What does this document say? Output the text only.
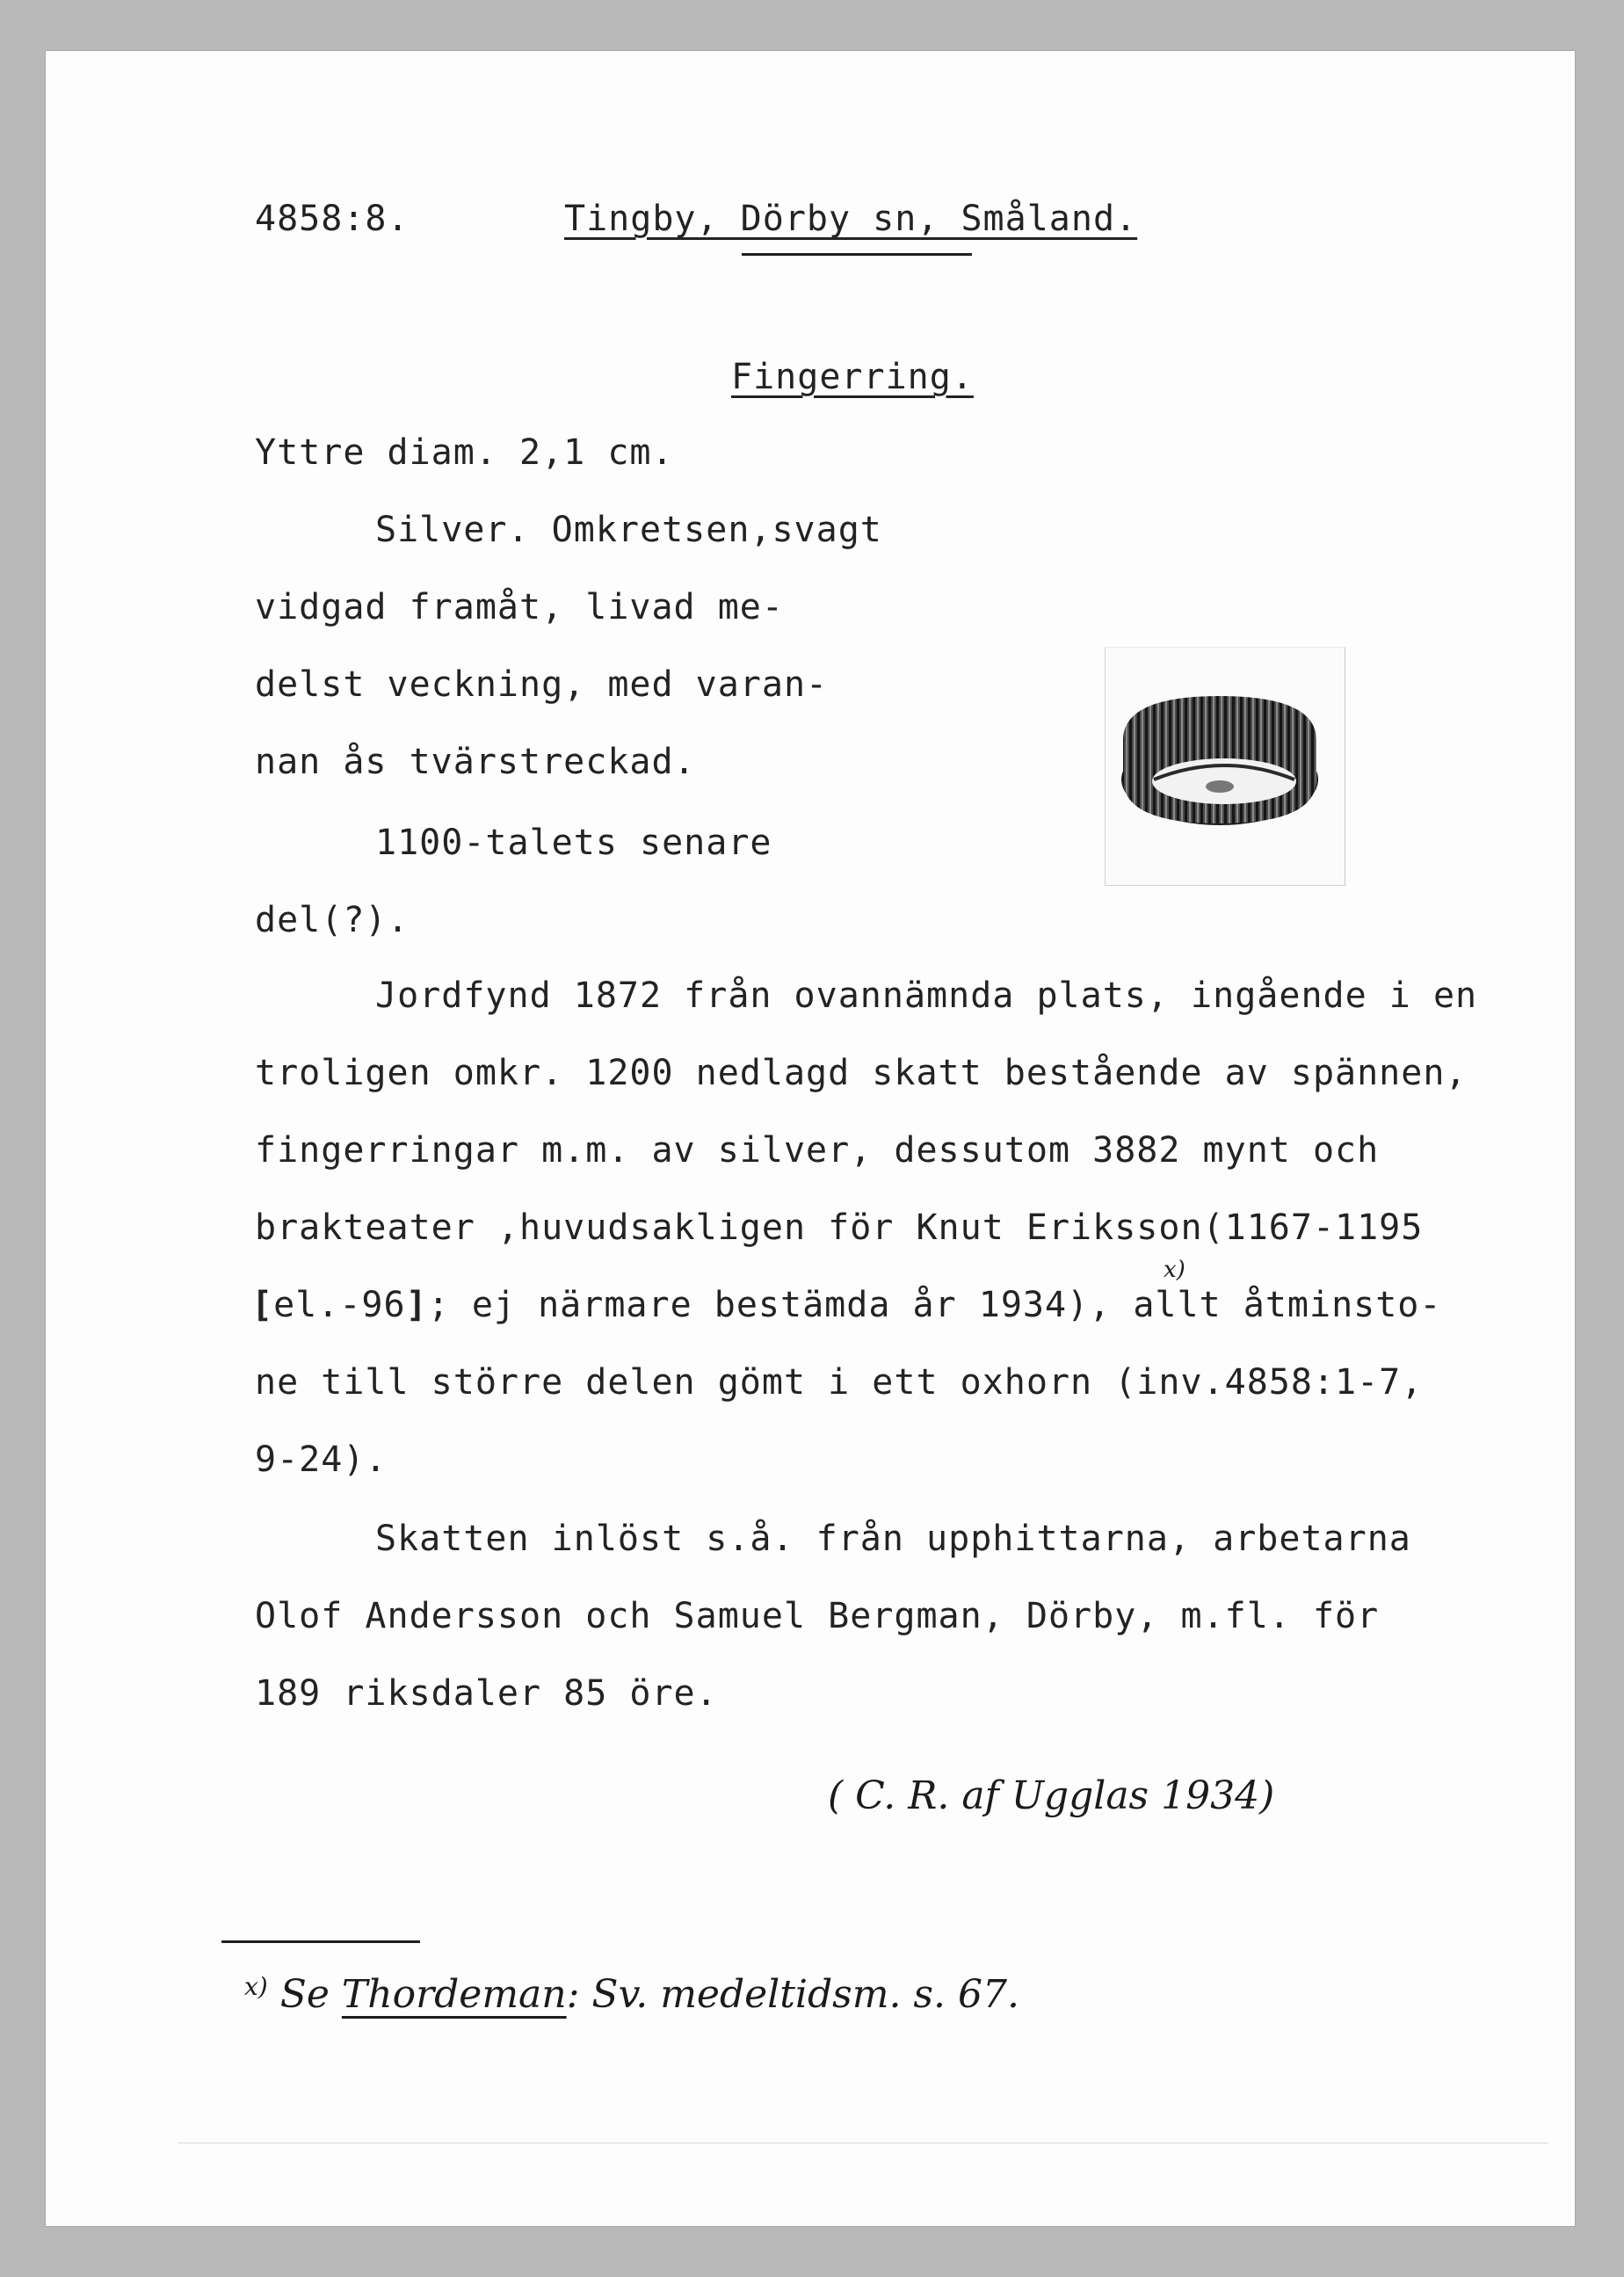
4858:8.	Tingby, Dörby sn, Småland.
Fingerring.
Yttre diam. 2,1 cm.
Silver. Omkretsen,svagt
vidgad framåt, livad me-
delst veckning, med varan-
nan ås tvärstreckad.
1100-talets senare
del(?).
Jordfynd 1872 från ovannämnda plats, ingående i en
troligen omkr. 1200 nedlagd skatt bestående av spännen,
fingerringar m.m. av silver, dessutom 3882 mynt och
brakteater ,huvudsakligen för Knut Eriksson(1167-1195
[el.-96]; ej närmare bestämda år 1934), allt åtminsto-
x)
ne till större delen gömt i ett oxhorn (inv.4858:1-7,
9-24).
Skatten inlöst s.å. från upphittarna, arbetarna
Olof Andersson och Samuel Bergman, Dörby, m.fl. för
189 riksdaler 85 öre.
( C. R. af Ugglas 1934)
$^{x)}$ Se Thordeman: Sv. medeltidsm. s. 67.
